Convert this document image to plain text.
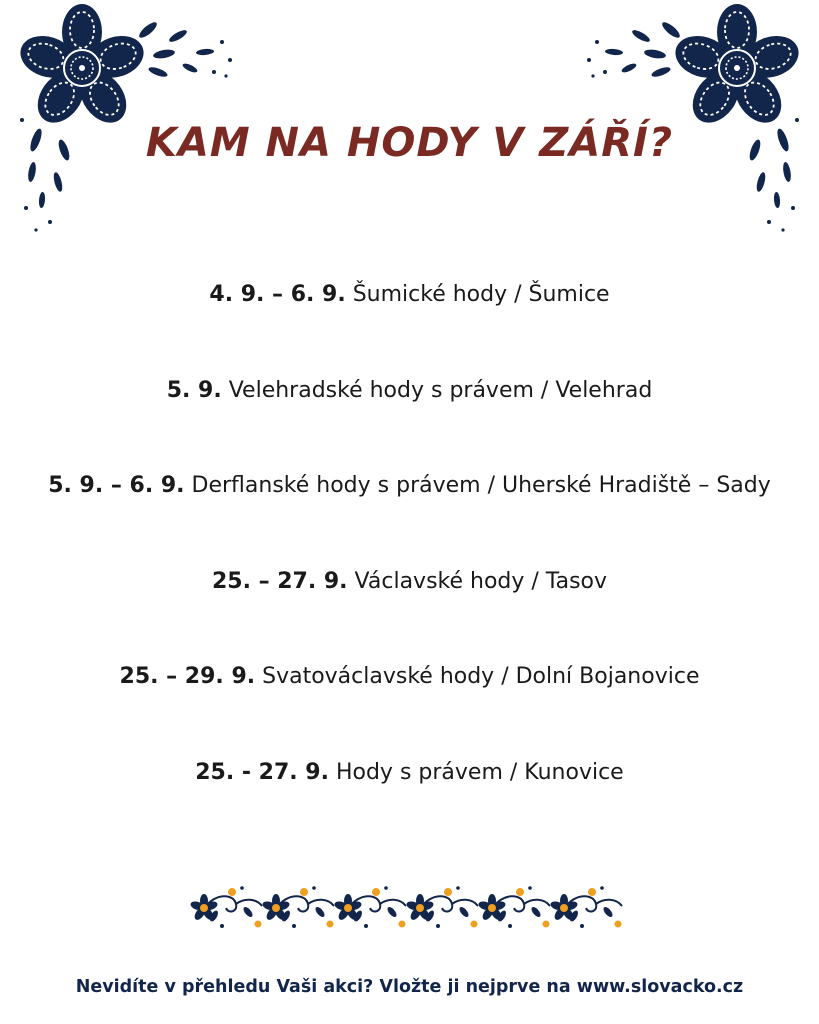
KAM NA HODY V ZÁŘÍ?
4. 9. – 6. 9. Šumické hody / Šumice
5. 9. Velehradské hody s právem / Velehrad
5. 9. – 6. 9. Derflanské hody s právem / Uherské Hradiště – Sady
25. – 27. 9. Václavské hody / Tasov
25. – 29. 9. Svatováclavské hody / Dolní Bojanovice
25. - 27. 9. Hody s právem / Kunovice
Nevidíte v přehledu Vaši akci? Vložte ji nejprve na www.slovacko.cz
